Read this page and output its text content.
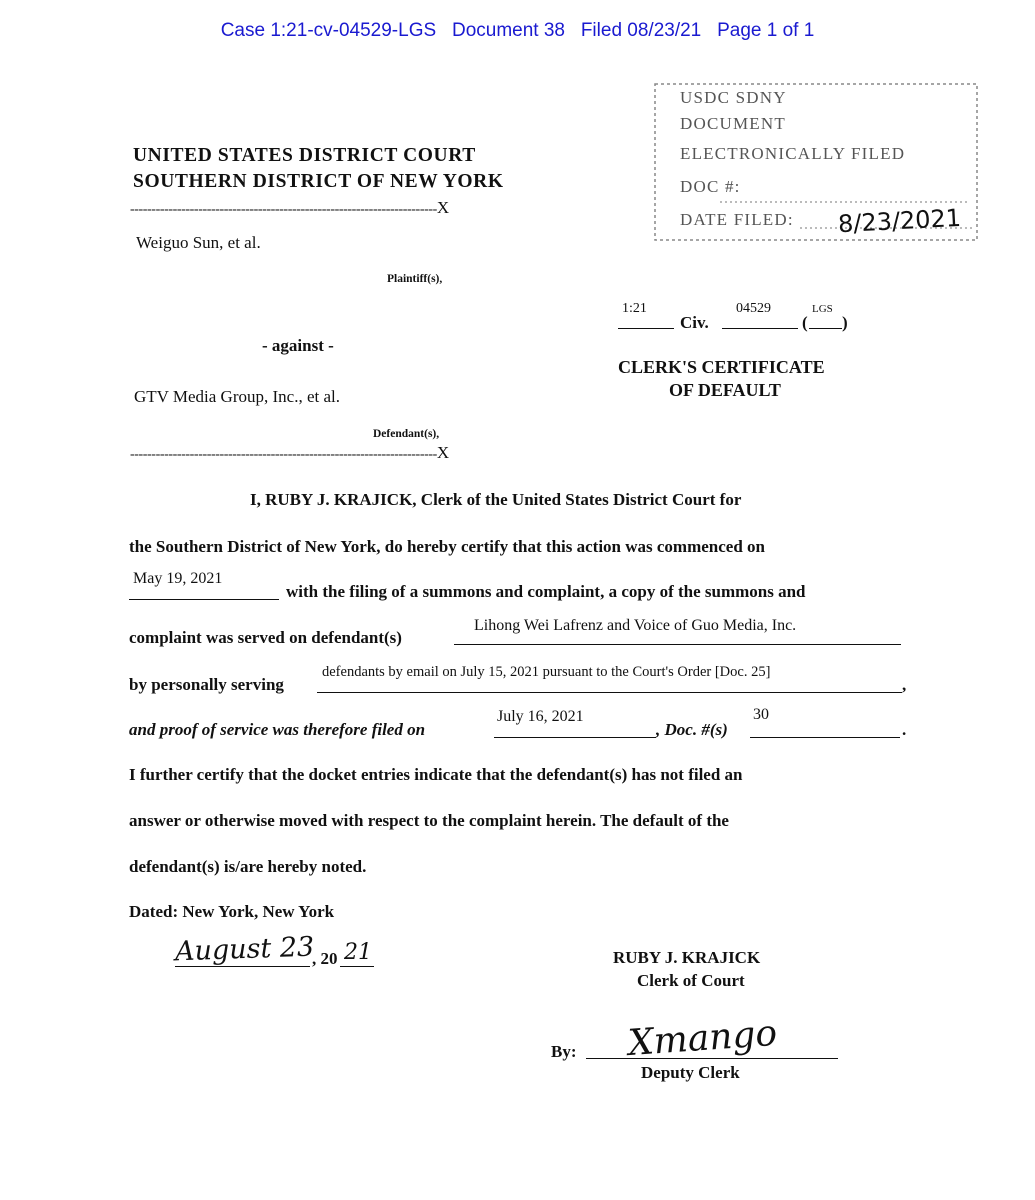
Case 1:21-cv-04529-LGS   Document 38   Filed 08/23/21   Page 1 of 1
USDC SDNY
DOCUMENT
ELECTRONICALLY FILED
DOC #:
DATE FILED: 8/23/2021
UNITED STATES DISTRICT COURT
SOUTHERN DISTRICT OF NEW YORK
------------------------------------------------------------------------X
Weiguo Sun, et al.
Plaintiff(s),
- against -
GTV Media Group, Inc., et al.
Defendant(s),
------------------------------------------------------------------------X
1:21
Civ.
04529
(
LGS
)
CLERK'S CERTIFICATE
OF DEFAULT
I, RUBY J. KRAJICK, Clerk of the United States District Court for
the Southern District of New York, do hereby certify that this action was commenced on
May 19, 2021
with the filing of a summons and complaint, a copy of the summons and
complaint was served on defendant(s)
Lihong Wei Lafrenz and Voice of Guo Media, Inc.
by personally serving
defendants by email on July 15, 2021 pursuant to the Court's Order [Doc. 25]
,
and proof of service was therefore filed on
July 16, 2021
, Doc. #(s)
30
.
I further certify that the docket entries indicate that the defendant(s) has not filed an
answer or otherwise moved with respect to the complaint herein. The default of the
defendant(s) is/are hereby noted.
Dated: New York, New York
August 23
, 20 21	RUBY J. KRAJICK
Clerk of Court
By: Xmango
Deputy Clerk
